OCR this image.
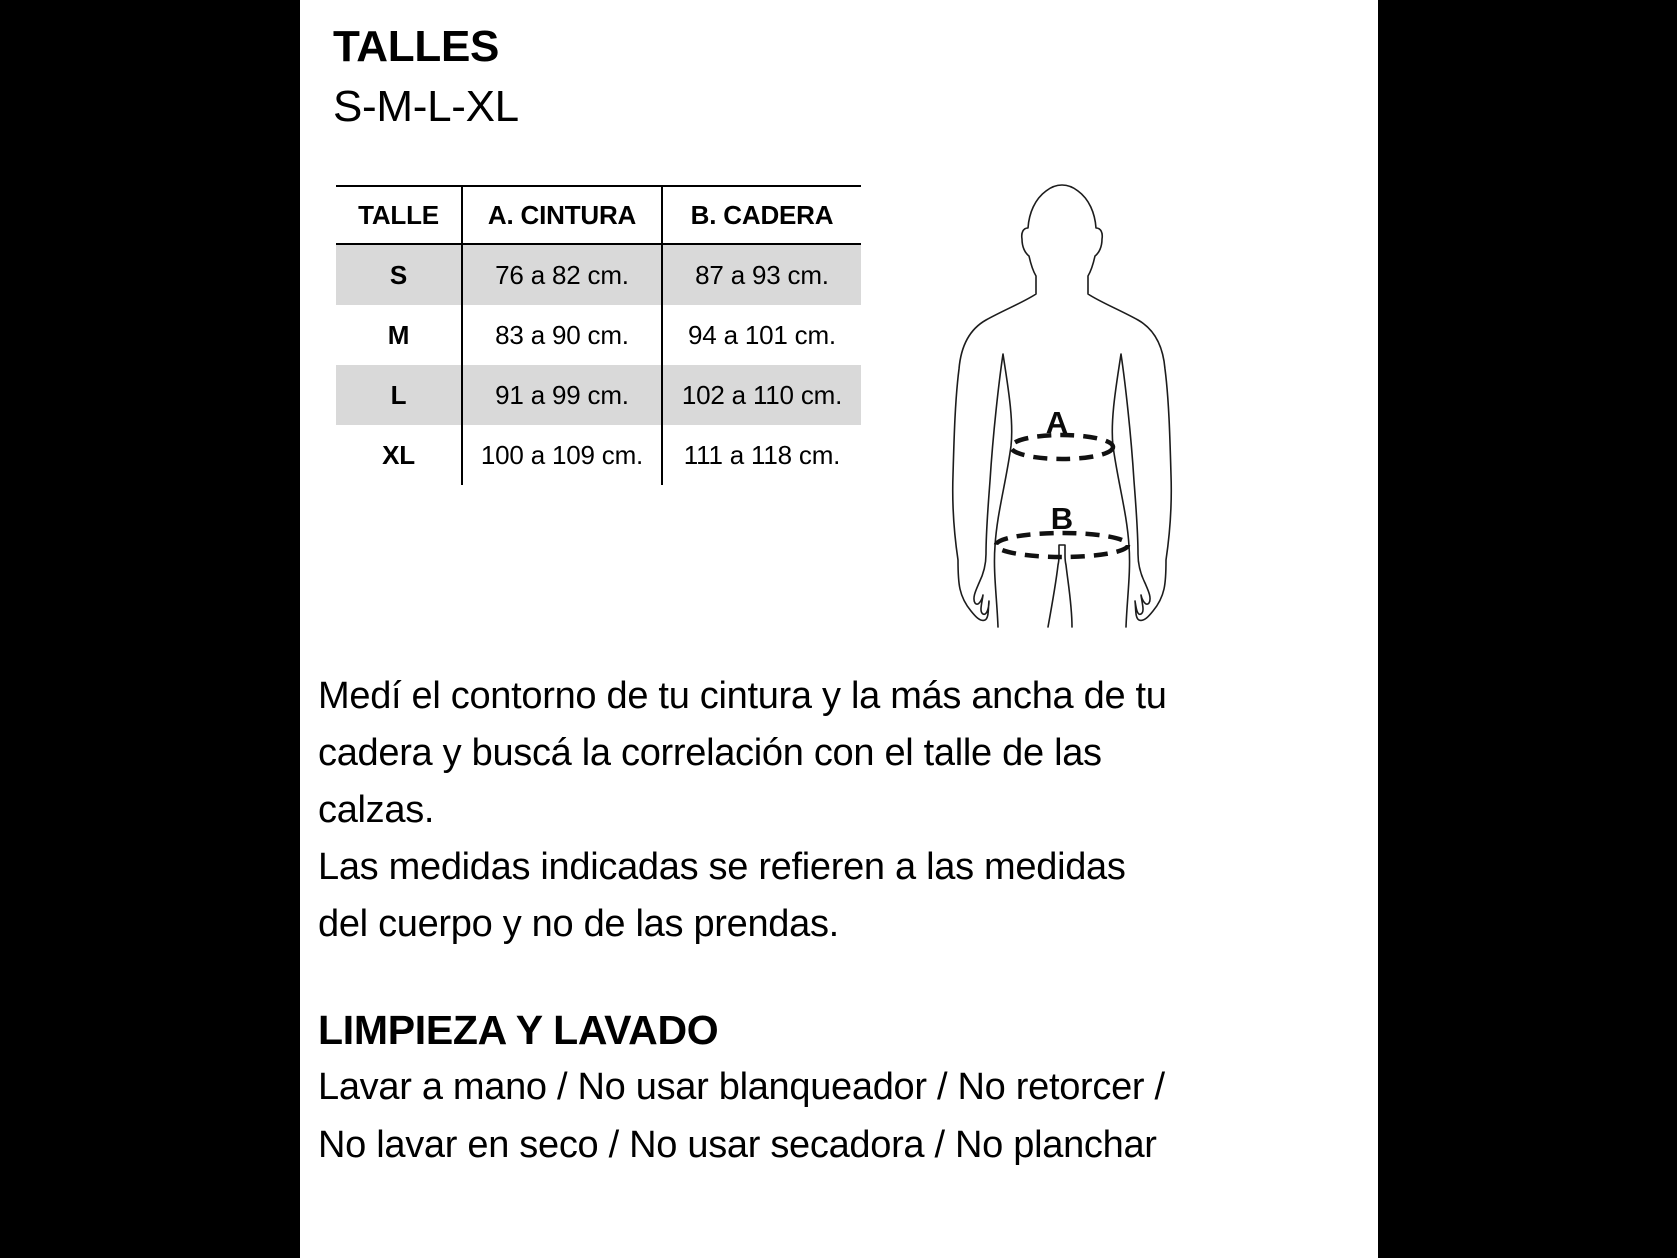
TALLES
S-M-L-XL
TALLE	A. CINTURA	B. CADERA
S	76 a 82 cm.	87 a 93 cm.
M	83 a 90 cm.	94 a 101 cm.
L	91 a 99 cm.	102 a 110 cm.
XL	100 a 109 cm.	111 a 118 cm.
A
B
Medí el contorno de tu cintura y la más ancha de tu
cadera y buscá la correlación con el talle de las
calzas.
Las medidas indicadas se refieren a las medidas
del cuerpo y no de las prendas.
LIMPIEZA Y LAVADO
Lavar a mano / No usar blanqueador / No retorcer /
No lavar en seco / No usar secadora / No planchar
